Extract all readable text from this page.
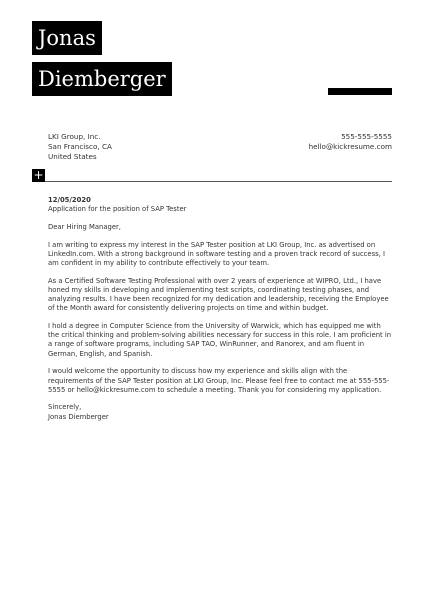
Jonas
Diemberger
LKI Group, Inc.
San Francisco, CA
United States
555-555-5555
hello@kickresume.com
+
12/05/2020

Application for the position of SAP Tester

Dear Hiring Manager,

I am writing to express my interest in the SAP Tester position at LKI Group, Inc. as advertised on LinkedIn.com. With a strong background in software testing and a proven track record of success, I am confident in my ability to contribute effectively to your team.

As a Certified Software Testing Professional with over 2 years of experience at WIPRO, Ltd., I have honed my skills in developing and implementing test scripts, coordinating testing phases, and analyzing results. I have been recognized for my dedication and leadership, receiving the Employee of the Month award for consistently delivering projects on time and within budget.

I hold a degree in Computer Science from the University of Warwick, which has equipped me with the critical thinking and problem-solving abilities necessary for success in this role. I am proficient in a range of software programs, including SAP TAO, WinRunner, and Ranorex, and am fluent in German, English, and Spanish.

I would welcome the opportunity to discuss how my experience and skills align with the requirements of the SAP Tester position at LKI Group, Inc. Please feel free to contact me at 555-555-5555 or hello@kickresume.com to schedule a meeting. Thank you for considering my application.

Sincerely,
Jonas Diemberger
